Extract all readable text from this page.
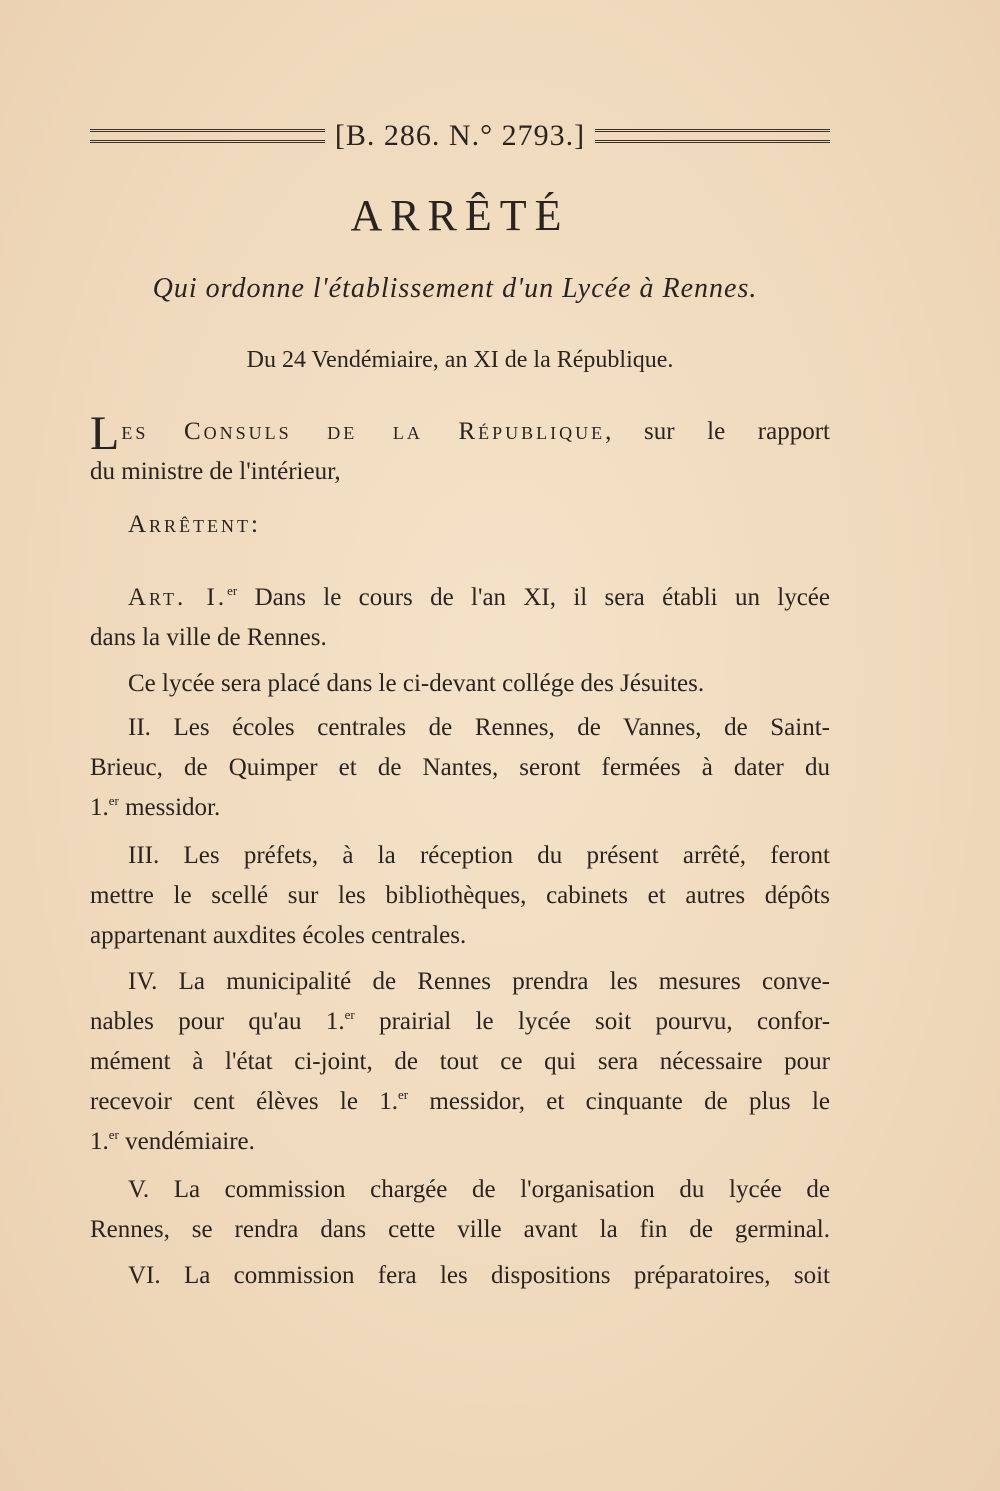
[B. 286. N.° 2793.]
ARRÊTÉ
Qui ordonne l'établissement d'un Lycée à Rennes.
Du 24 Vendémiaire, an XI de la République.
Les Consuls de la République, sur le rapport
du ministre de l'intérieur,
Arrêtent:
Art. I.$^{er}$ Dans le cours de l'an XI, il sera établi un lycée
dans la ville de Rennes.
Ce lycée sera placé dans le ci-devant collége des Jésuites.
II. Les écoles centrales de Rennes, de Vannes, de Saint-
Brieuc, de Quimper et de Nantes, seront fermées à dater du
1.$^{er}$ messidor.
III. Les préfets, à la réception du présent arrêté, feront
mettre le scellé sur les bibliothèques, cabinets et autres dépôts
appartenant auxdites écoles centrales.
IV. La municipalité de Rennes prendra les mesures conve-
nables pour qu'au 1.$^{er}$ prairial le lycée soit pourvu, confor-
mément à l'état ci-joint, de tout ce qui sera nécessaire pour
recevoir cent élèves le 1.$^{er}$ messidor, et cinquante de plus le
1.$^{er}$ vendémiaire.
V. La commission chargée de l'organisation du lycée de
Rennes, se rendra dans cette ville avant la fin de germinal.
VI. La commission fera les dispositions préparatoires, soit
